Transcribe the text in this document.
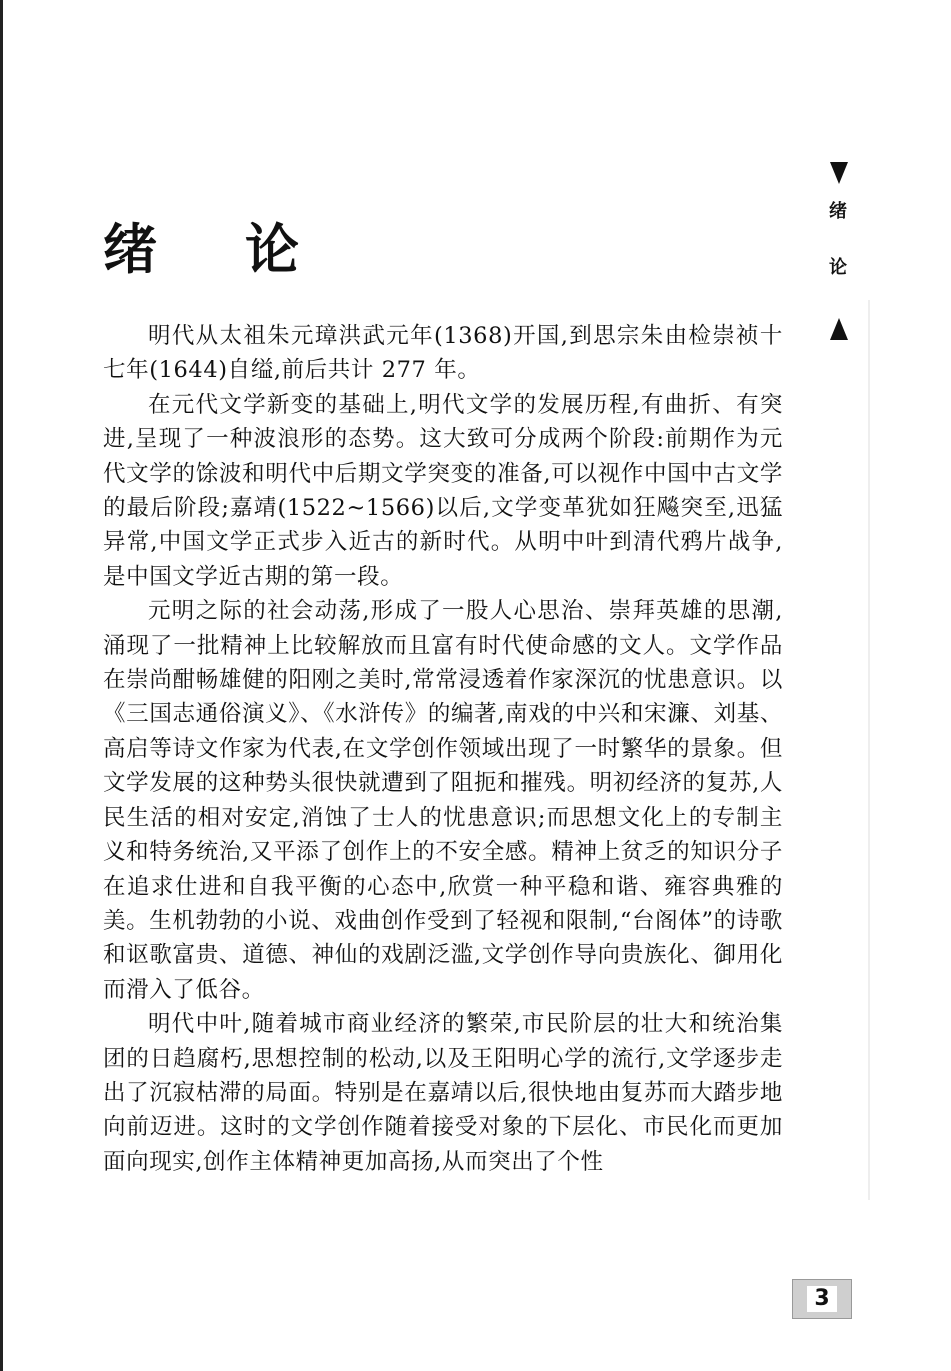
绪论

明代从太祖朱元璋洪武元年(1368)开国,到思宗朱由检崇祯十七年(1644)自缢,前后共计 277 年。

在元代文学新变的基础上,明代文学的发展历程,有曲折、有突进,呈现了一种波浪形的态势。这大致可分成两个阶段:前期作为元代文学的馀波和明代中后期文学突变的准备,可以视作中国中古文学的最后阶段;嘉靖(1522~1566)以后,文学变革犹如狂飚突至,迅猛异常,中国文学正式步入近古的新时代。从明中叶到清代鸦片战争,是中国文学近古期的第一段。

元明之际的社会动荡,形成了一股人心思治、崇拜英雄的思潮,涌现了一批精神上比较解放而且富有时代使命感的文人。文学作品在崇尚酣畅雄健的阳刚之美时,常常浸透着作家深沉的忧患意识。以《三国志通俗演义》、《水浒传》的编著,南戏的中兴和宋濂、刘基、高启等诗文作家为代表,在文学创作领域出现了一时繁华的景象。但文学发展的这种势头很快就遭到了阻扼和摧残。明初经济的复苏,人民生活的相对安定,消蚀了士人的忧患意识;而思想文化上的专制主义和特务统治,又平添了创作上的不安全感。精神上贫乏的知识分子在追求仕进和自我平衡的心态中,欣赏一种平稳和谐、雍容典雅的美。生机勃勃的小说、戏曲创作受到了轻视和限制,“台阁体”的诗歌和讴歌富贵、道德、神仙的戏剧泛滥,文学创作导向贵族化、御用化而滑入了低谷。

明代中叶,随着城市商业经济的繁荣,市民阶层的壮大和统治集团的日趋腐朽,思想控制的松动,以及王阳明心学的流行,文学逐步走出了沉寂枯滞的局面。特别是在嘉靖以后,很快地由复苏而大踏步地向前迈进。这时的文学创作随着接受对象的下层化、市民化而更加面向现实,创作主体精神更加高扬,从而突出了个性

绪
论
3
